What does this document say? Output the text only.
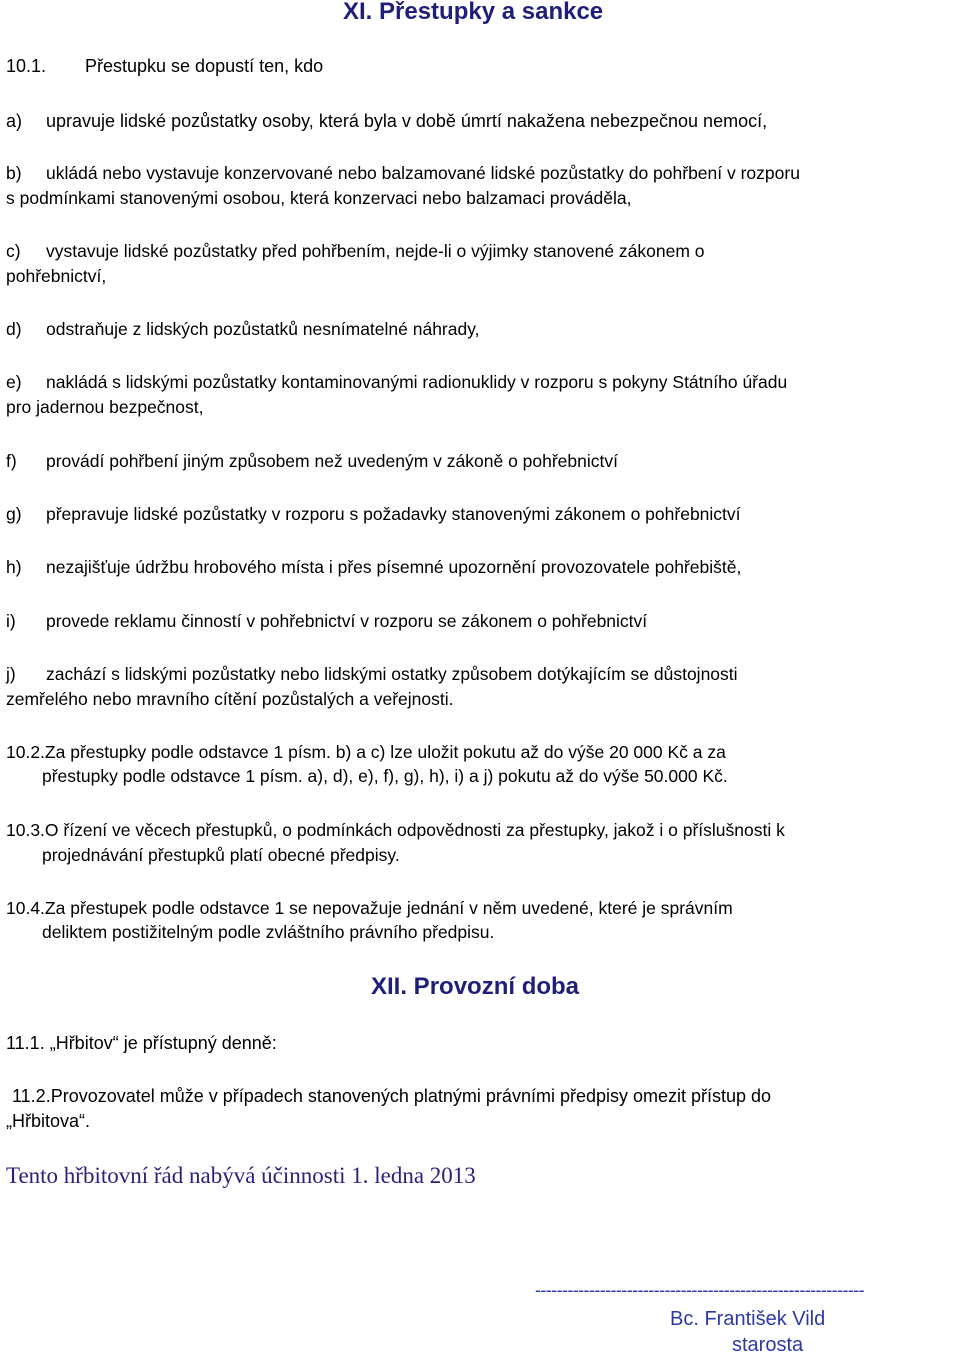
XI. Přestupky a sankce
10.1. Přestupku se dopustí ten, kdo
a) upravuje lidské pozůstatky osoby, která byla v době úmrtí nakažena nebezpečnou nemocí,
b) ukládá nebo vystavuje konzervované nebo balzamované lidské pozůstatky do pohřbení v rozporu
s podmínkami stanovenými osobou, která konzervaci nebo balzamaci prováděla,
c) vystavuje lidské pozůstatky před pohřbením, nejde-li o výjimky stanovené zákonem o
pohřebnictví,
d) odstraňuje z lidských pozůstatků nesnímatelné náhrady,
e) nakládá s lidskými pozůstatky kontaminovanými radionuklidy v rozporu s pokyny Státního úřadu
pro jadernou bezpečnost,
f) provádí pohřbení jiným způsobem než uvedeným v zákoně o pohřebnictví
g) přepravuje lidské pozůstatky v rozporu s požadavky stanovenými zákonem o pohřebnictví
h) nezajišťuje údržbu hrobového místa i přes písemné upozornění provozovatele pohřebiště,
i) provede reklamu činností v pohřebnictví v rozporu se zákonem o pohřebnictví
j) zachází s lidskými pozůstatky nebo lidskými ostatky způsobem dotýkajícím se důstojnosti
zemřelého nebo mravního cítění pozůstalých a veřejnosti.
10.2.Za přestupky podle odstavce 1 písm. b) a c) lze uložit pokutu až do výše 20 000 Kč a za
přestupky podle odstavce 1 písm. a), d), e), f), g), h), i) a j) pokutu až do výše 50.000 Kč.
10.3.O řízení ve věcech přestupků, o podmínkách odpovědnosti za přestupky, jakož i o příslušnosti k
projednávání přestupků platí obecné předpisy.
10.4.Za přestupek podle odstavce 1 se nepovažuje jednání v něm uvedené, které je správním
deliktem postižitelným podle zvláštního právního předpisu.
XII. Provozní doba
11.1. „Hřbitov“ je přístupný denně:
11.2.Provozovatel může v případech stanovených platnými právními předpisy omezit přístup do
„Hřbitova“.
Tento hřbitovní řád nabývá účinnosti 1. ledna 2013
-------------------------------------------------------------
Bc. František Vild
starosta
